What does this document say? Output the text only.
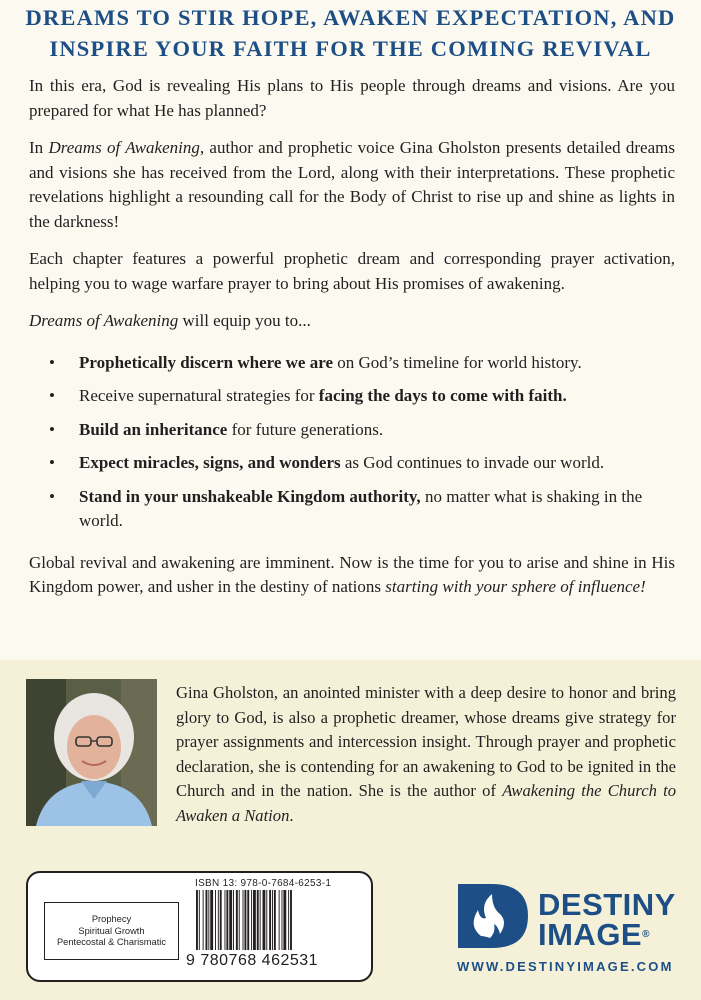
DREAMS TO STIR HOPE, AWAKEN EXPECTATION, AND
INSPIRE YOUR FAITH FOR THE COMING REVIVAL

In this era, God is revealing His plans to His people through dreams and visions. Are you prepared for what He has planned?

In Dreams of Awakening, author and prophetic voice Gina Gholston presents detailed dreams and visions she has received from the Lord, along with their interpretations. These prophetic revelations highlight a resounding call for the Body of Christ to rise up and shine as lights in the darkness!

Each chapter features a powerful prophetic dream and corresponding prayer activation, helping you to wage warfare prayer to bring about His promises of awakening.

Dreams of Awakening will equip you to...

• Prophetically discern where we are on God’s timeline for world history.
• Receive supernatural strategies for facing the days to come with faith.
• Build an inheritance for future generations.
• Expect miracles, signs, and wonders as God continues to invade our world.
• Stand in your unshakeable Kingdom authority, no matter what is shaking in the world.

Global revival and awakening are imminent. Now is the time for you to arise and shine in His Kingdom power, and usher in the destiny of nations starting with your sphere of influence!

Gina Gholston, an anointed minister with a deep desire to honor and bring glory to God, is also a prophetic dreamer, whose dreams give strategy for prayer assignments and intercession insight. Through prayer and prophetic declaration, she is contending for an awakening to God to be ignited in the Church and in the nation. She is the author of Awakening the Church to Awaken a Nation.
Prophecy
Spiritual Growth
Pentecostal & Charismatic
ISBN 13: 978-0-7684-6253-1
9 780768 462531
DESTINY
IMAGE®
WWW.DESTINYIMAGE.COM
